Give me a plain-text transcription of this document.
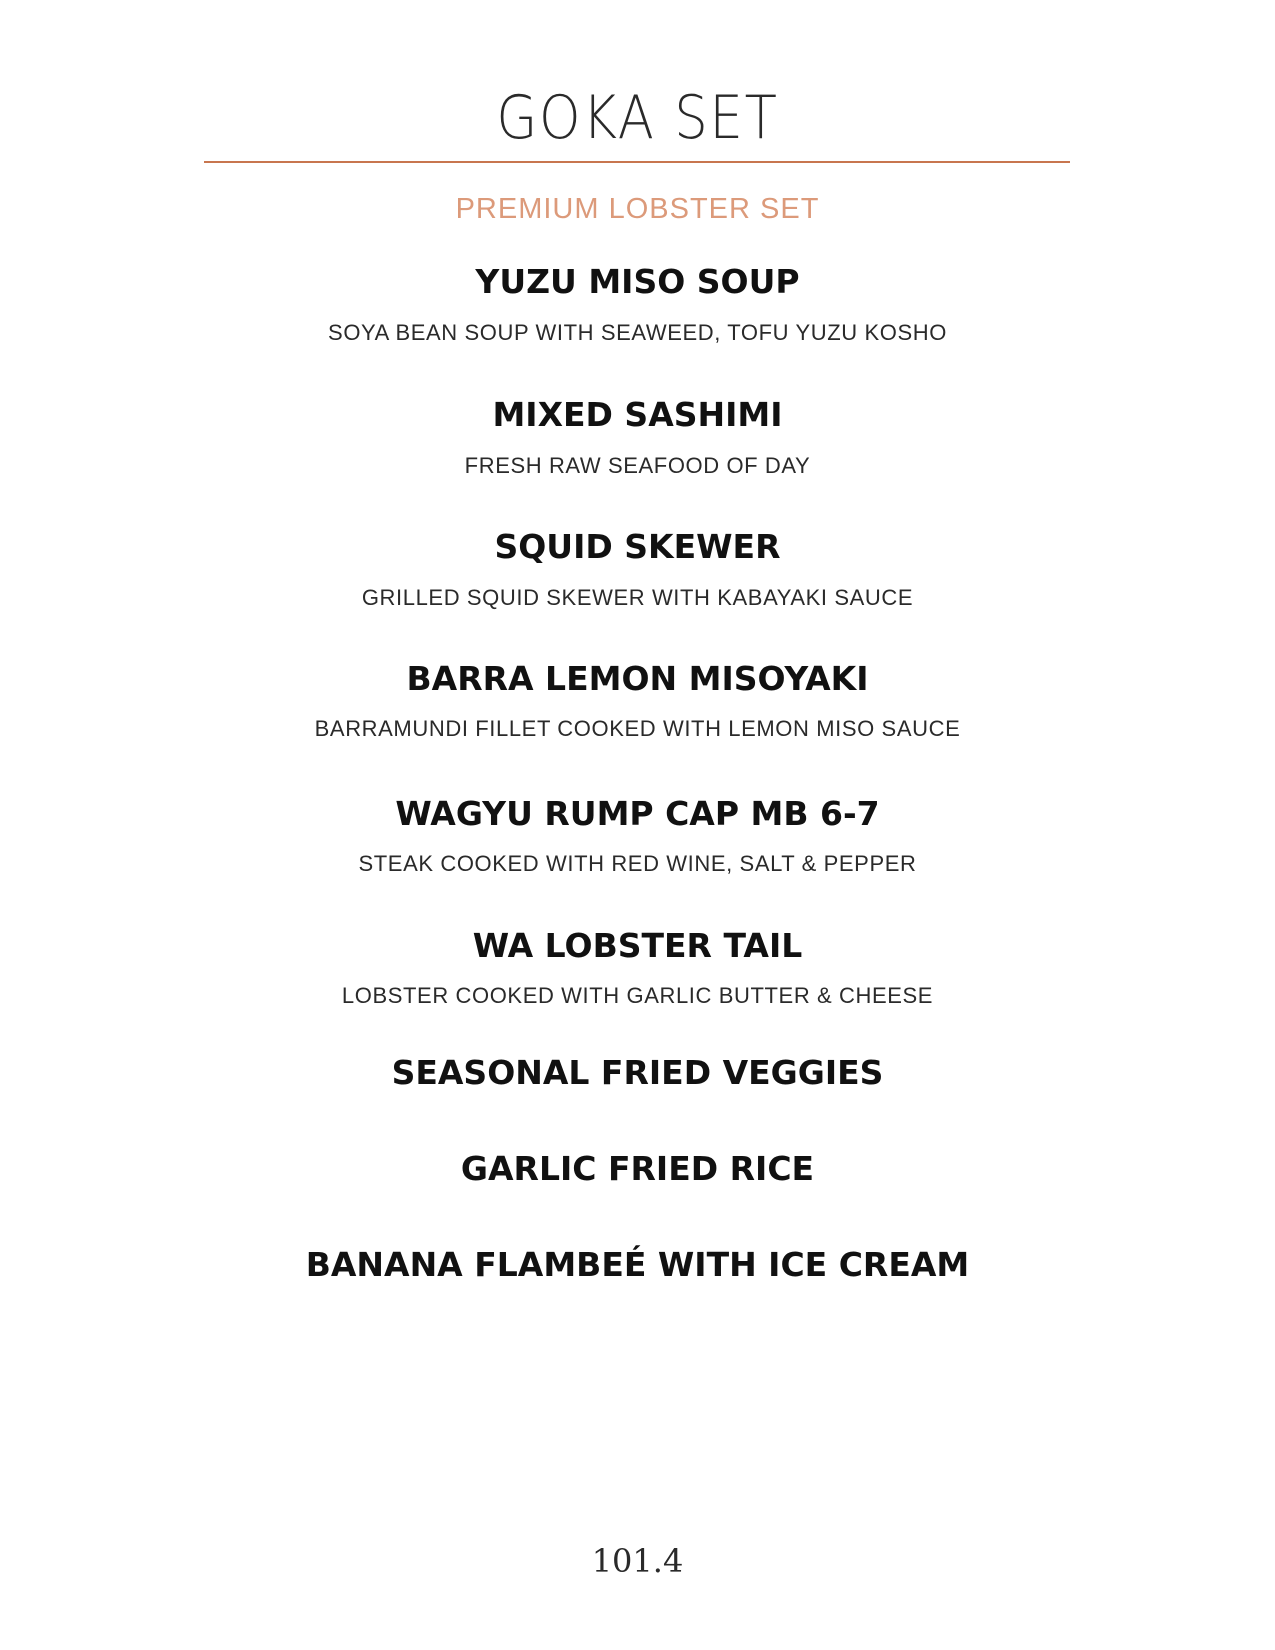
GOKA SET
PREMIUM LOBSTER SET
YUZU MISO SOUP
SOYA BEAN SOUP WITH SEAWEED, TOFU YUZU KOSHO
MIXED SASHIMI
FRESH RAW SEAFOOD OF DAY
SQUID SKEWER
GRILLED SQUID SKEWER WITH KABAYAKI SAUCE
BARRA LEMON MISOYAKI
BARRAMUNDI FILLET COOKED WITH LEMON MISO SAUCE
WAGYU RUMP CAP MB 6-7
STEAK COOKED WITH RED WINE, SALT & PEPPER
WA LOBSTER TAIL
LOBSTER COOKED WITH GARLIC BUTTER & CHEESE
SEASONAL FRIED VEGGIES
GARLIC FRIED RICE
BANANA FLAMBEÉ WITH ICE CREAM
101.4
